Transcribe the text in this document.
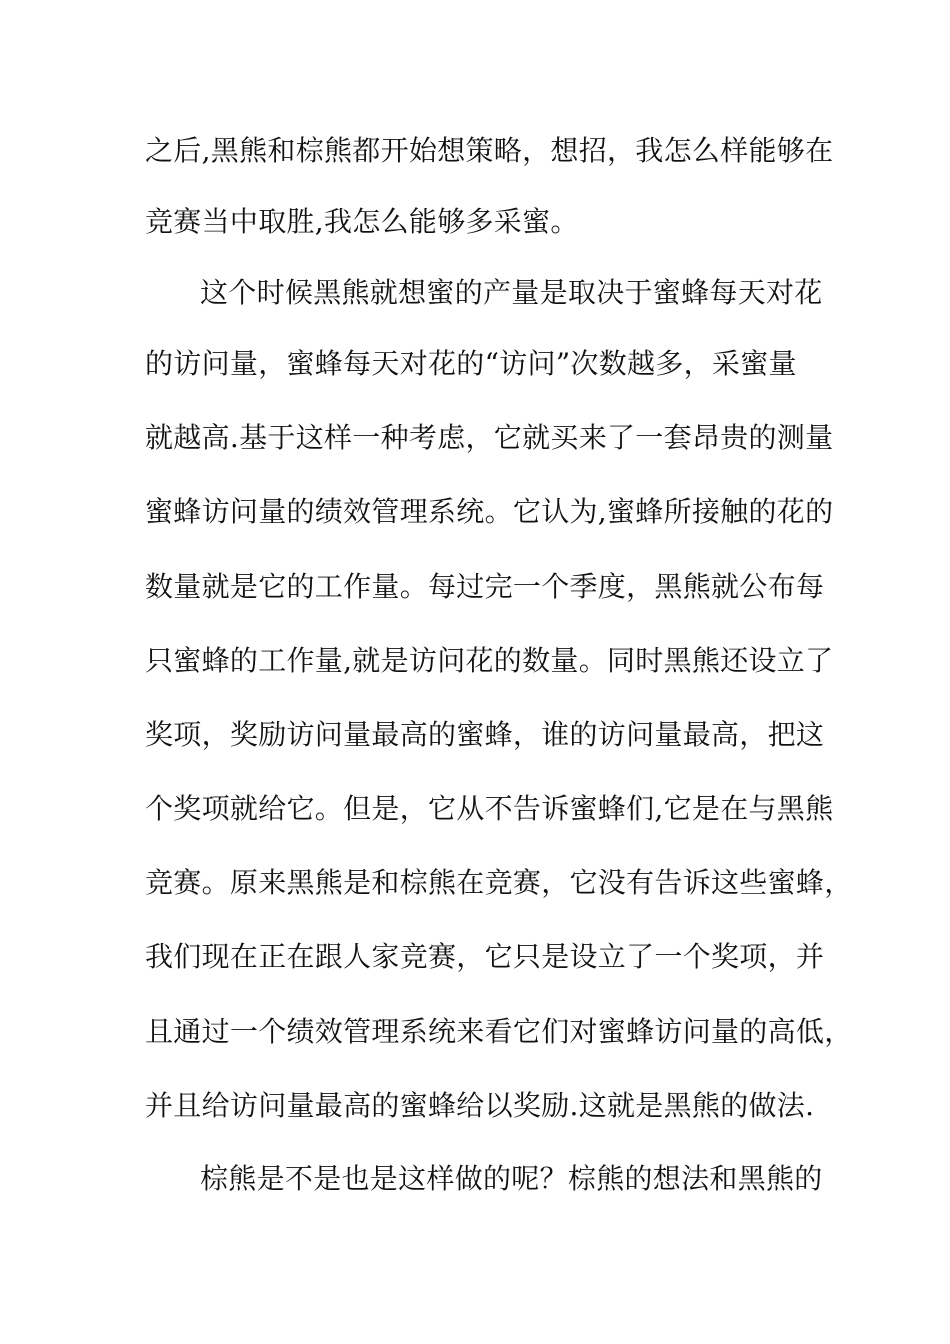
之后,黑熊和棕熊都开始想策略，想招，我怎么样能够在
竞赛当中取胜,我怎么能够多采蜜。
这个时候黑熊就想蜜的产量是取决于蜜蜂每天对花
的访问量，蜜蜂每天对花的“访问”次数越多，采蜜量
就越高.基于这样一种考虑，它就买来了一套昂贵的测量
蜜蜂访问量的绩效管理系统。它认为,蜜蜂所接触的花的
数量就是它的工作量。每过完一个季度，黑熊就公布每
只蜜蜂的工作量,就是访问花的数量。同时黑熊还设立了
奖项，奖励访问量最高的蜜蜂，谁的访问量最高，把这
个奖项就给它。但是，它从不告诉蜜蜂们,它是在与黑熊
竞赛。原来黑熊是和棕熊在竞赛，它没有告诉这些蜜蜂，
我们现在正在跟人家竞赛，它只是设立了一个奖项，并
且通过一个绩效管理系统来看它们对蜜蜂访问量的高低，
并且给访问量最高的蜜蜂给以奖励.这就是黑熊的做法.
棕熊是不是也是这样做的呢？棕熊的想法和黑熊的
